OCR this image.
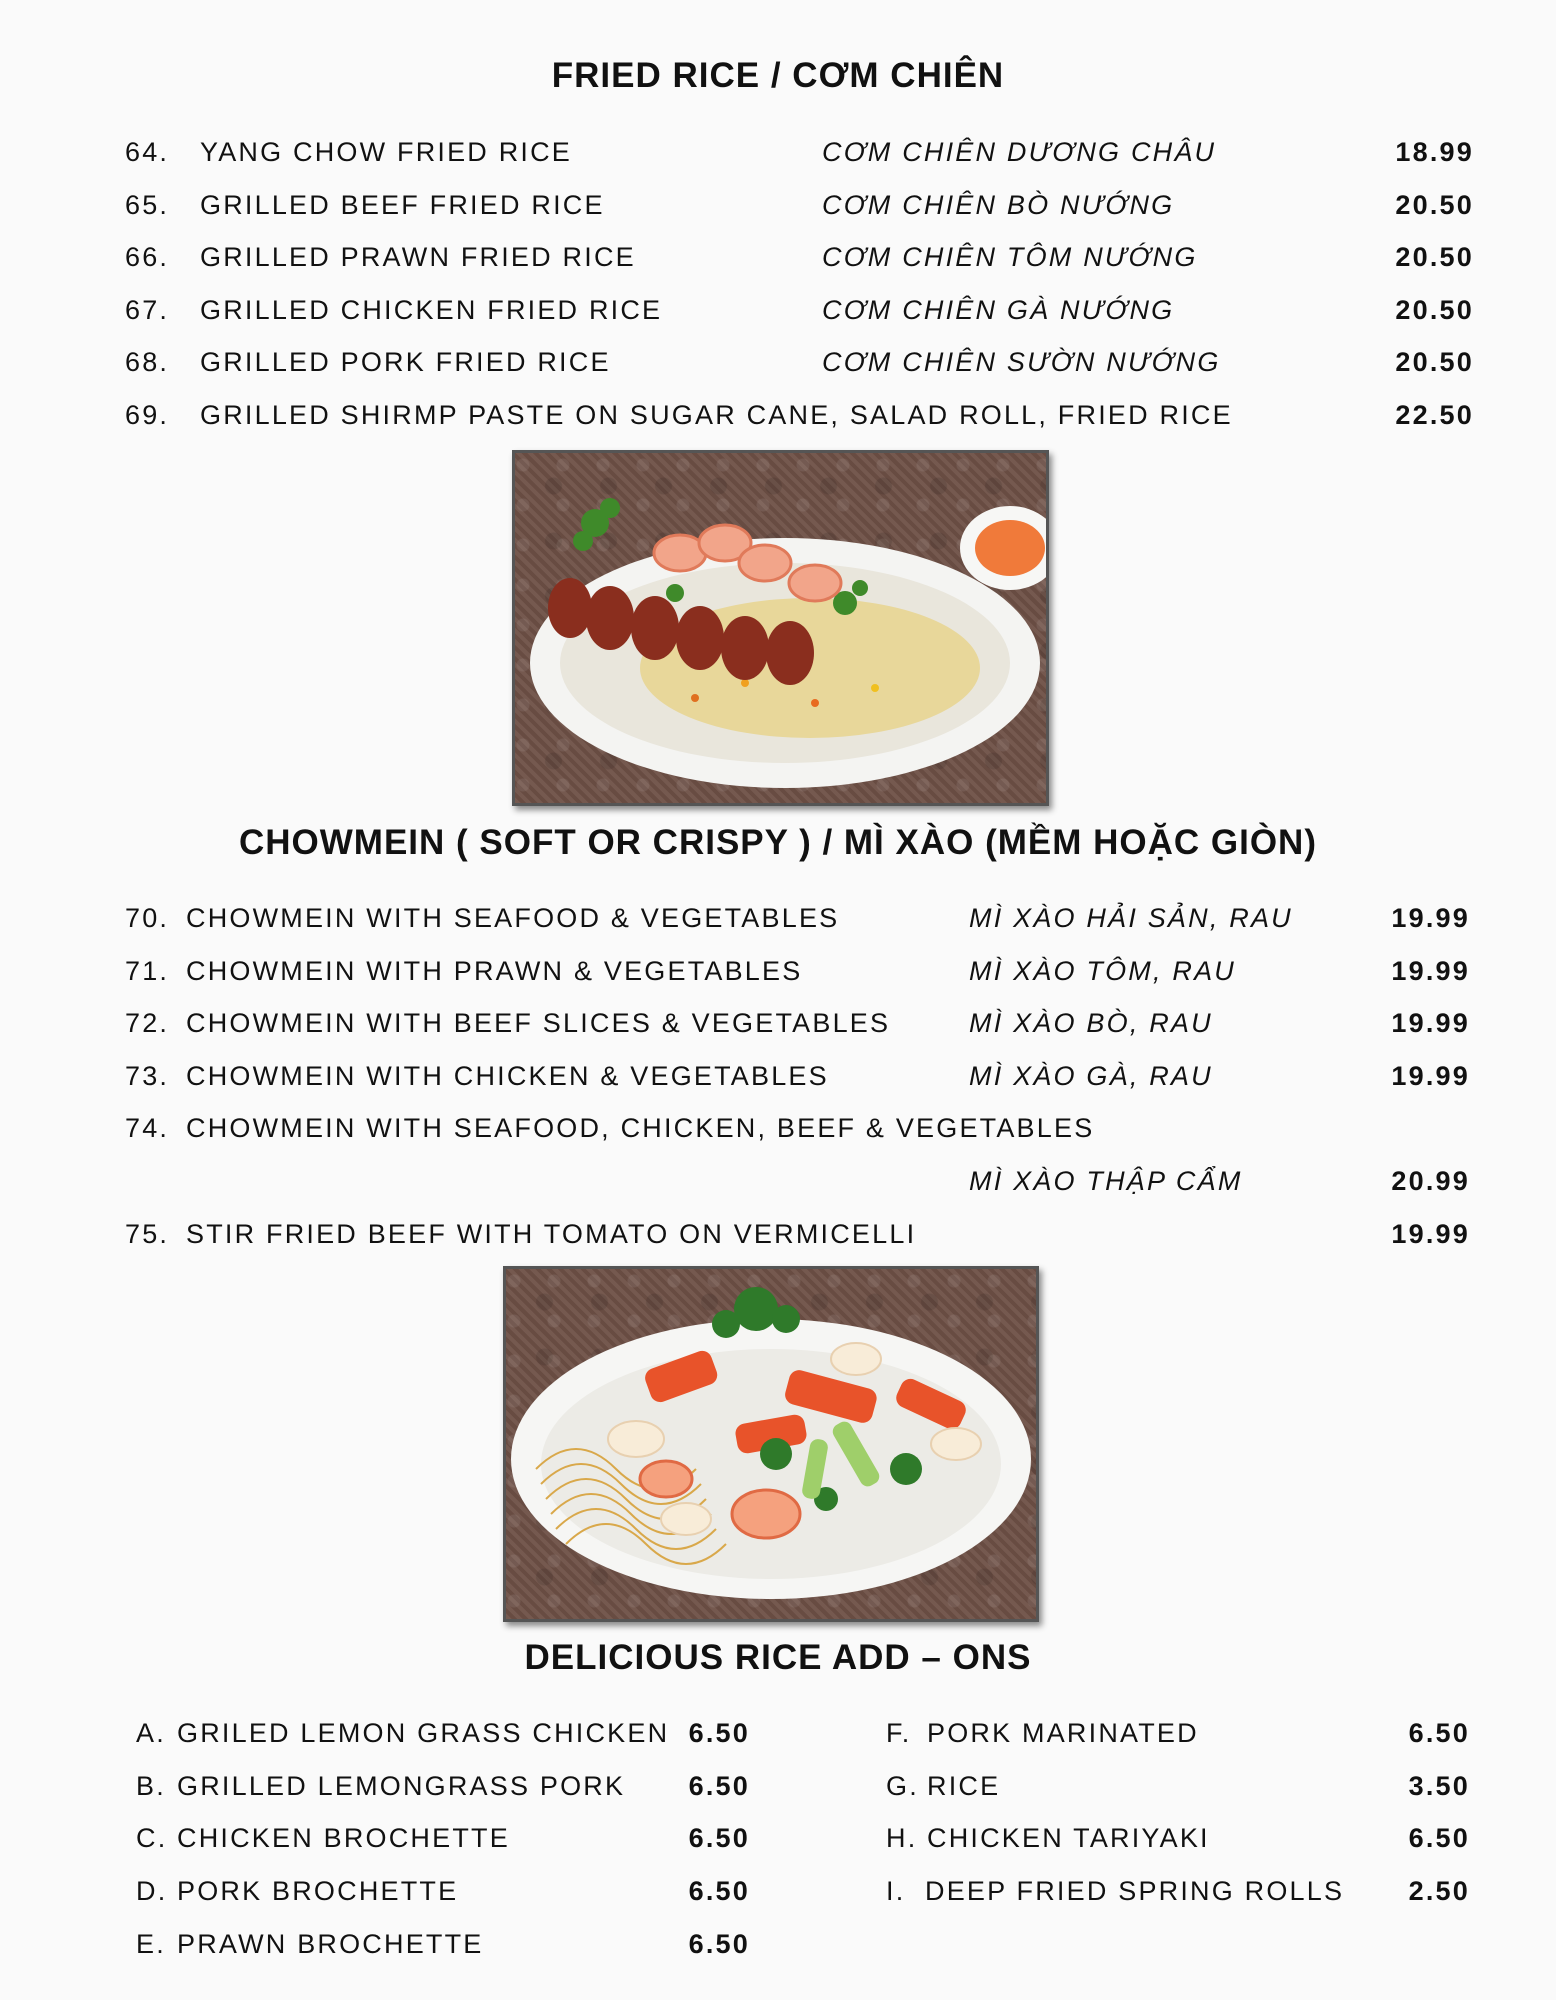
FRIED RICE / CƠM CHIÊN
64. YANG CHOW FRIED RICE	CƠM CHIÊN DƯƠNG CHÂU	18.99
65. GRILLED BEEF FRIED RICE	CƠM CHIÊN BÒ NƯỚNG	20.50
66. GRILLED PRAWN FRIED RICE	CƠM CHIÊN TÔM NƯỚNG	20.50
67. GRILLED CHICKEN FRIED RICE	CƠM CHIÊN GÀ NƯỚNG	20.50
68. GRILLED PORK FRIED RICE	CƠM CHIÊN SƯỜN NƯỚNG	20.50
69. GRILLED SHIRMP PASTE ON SUGAR CANE, SALAD ROLL, FRIED RICE	22.50
CHOWMEIN ( SOFT OR CRISPY ) / MÌ XÀO (MỀM HOẶC GIÒN)
70. CHOWMEIN WITH SEAFOOD & VEGETABLES	MÌ XÀO HẢI SẢN, RAU	19.99
71. CHOWMEIN WITH PRAWN & VEGETABLES	MÌ XÀO TÔM, RAU	19.99
72. CHOWMEIN WITH BEEF SLICES & VEGETABLES	MÌ XÀO BÒ, RAU	19.99
73. CHOWMEIN WITH CHICKEN & VEGETABLES	MÌ XÀO GÀ, RAU	19.99
74. CHOWMEIN WITH SEAFOOD, CHICKEN, BEEF & VEGETABLES
MÌ XÀO THẬP CẨM	20.99
75. STIR FRIED BEEF WITH TOMATO ON VERMICELLI	19.99
DELICIOUS RICE ADD – ONS
A. GRILED LEMON GRASS CHICKEN 6.50
B. GRILLED LEMONGRASS PORK	6.50
C. CHICKEN BROCHETTE	6.50
D. PORK BROCHETTE	6.50
E. PRAWN BROCHETTE	6.50
F. PORK MARINATED	6.50
G. RICE	3.50
H. CHICKEN TARIYAKI	6.50
I. DEEP FRIED SPRING ROLLS	2.50
